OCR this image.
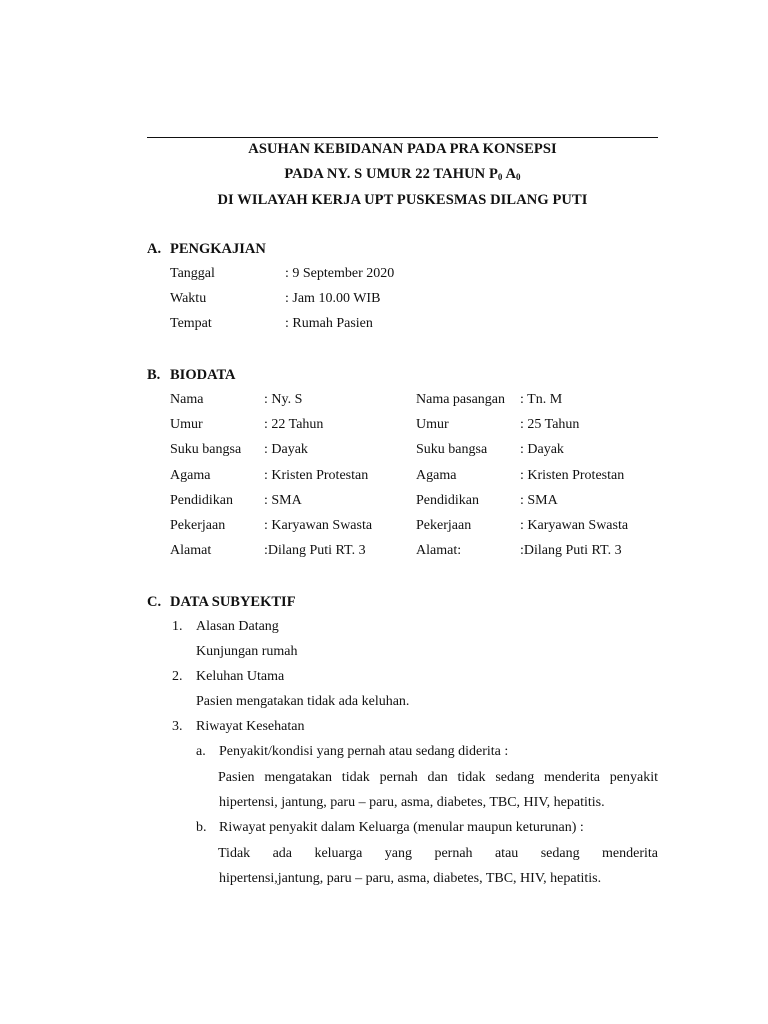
ASUHAN KEBIDANAN PADA PRA KONSEPSI
PADA NY. S UMUR 22 TAHUN $P_0$ $A_0$
DI WILAYAH KERJA UPT PUSKESMAS DILANG PUTI
A. PENGKAJIAN
Tanggal	: 9 September 2020
Waktu	: Jam 10.00 WIB
Tempat	: Rumah Pasien
B. BIODATA
Nama	: Ny. S	Nama pasangan : Tn. M
Umur	: 22 Tahun	Umur	: 25 Tahun
Suku bangsa : Dayak	Suku bangsa : Dayak
Agama	: Kristen Protestan	Agama	: Kristen Protestan
Pendidikan : SMA	Pendidikan	: SMA
Pekerjaan	: Karyawan Swasta	Pekerjaan	: Karyawan Swasta
Alamat	:Dilang Puti RT. 3	Alamat:	:Dilang Puti RT. 3
C. DATA SUBYEKTIF
1. Alasan Datang
Kunjungan rumah
2. Keluhan Utama
Pasien mengatakan tidak ada keluhan.
3. Riwayat Kesehatan
a. Penyakit/kondisi yang pernah atau sedang diderita :
Pasien mengatakan tidak pernah dan tidak sedang menderita penyakit
hipertensi, jantung, paru – paru, asma, diabetes, TBC, HIV, hepatitis.
b. Riwayat penyakit dalam Keluarga (menular maupun keturunan) :
Tidak ada keluarga yang pernah atau sedang menderita
hipertensi,jantung, paru – paru, asma, diabetes, TBC, HIV, hepatitis.
